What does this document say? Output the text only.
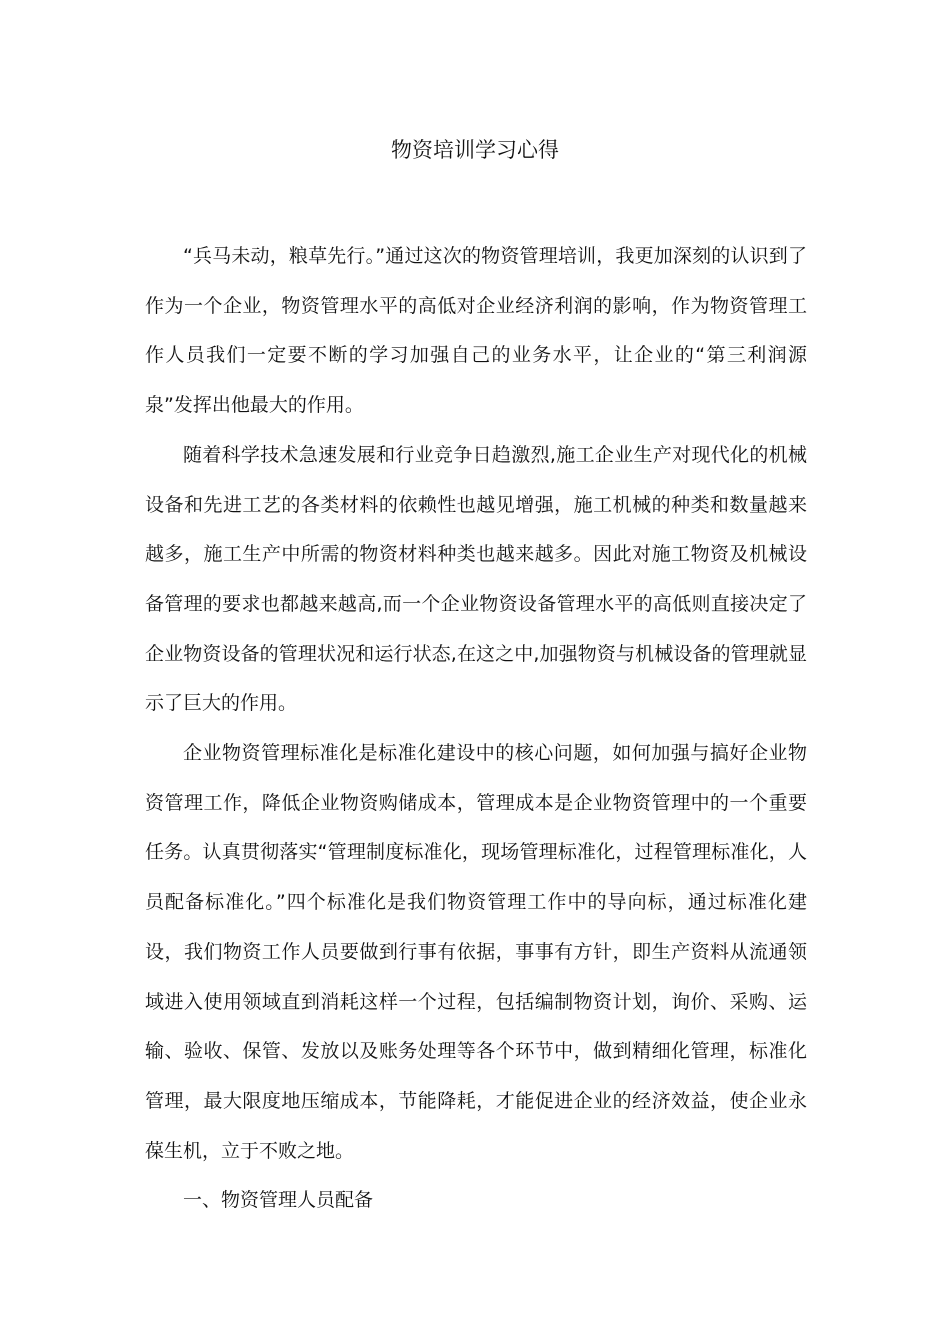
物资培训学习心得

“兵马未动，粮草先行。”通过这次的物资管理培训，我更加深刻的认识到了作为一个企业，物资管理水平的高低对企业经济利润的影响，作为物资管理工作人员我们一定要不断的学习加强自己的业务水平，让企业的“第三利润源泉”发挥出他最大的作用。

随着科学技术急速发展和行业竞争日趋激烈,施工企业生产对现代化的机械设备和先进工艺的各类材料的依赖性也越见增强，施工机械的种类和数量越来越多，施工生产中所需的物资材料种类也越来越多。因此对施工物资及机械设备管理的要求也都越来越高,而一个企业物资设备管理水平的高低则直接决定了企业物资设备的管理状况和运行状态,在这之中,加强物资与机械设备的管理就显示了巨大的作用。

企业物资管理标准化是标准化建设中的核心问题，如何加强与搞好企业物资管理工作，降低企业物资购储成本，管理成本是企业物资管理中的一个重要任务。认真贯彻落实“管理制度标准化，现场管理标准化，过程管理标准化，人员配备标准化。”四个标准化是我们物资管理工作中的导向标，通过标准化建设，我们物资工作人员要做到行事有依据，事事有方针，即生产资料从流通领域进入使用领域直到消耗这样一个过程，包括编制物资计划，询价、采购、运输、验收、保管、发放以及账务处理等各个环节中，做到精细化管理，标准化管理，最大限度地压缩成本，节能降耗，才能促进企业的经济效益，使企业永葆生机，立于不败之地。

一、物资管理人员配备
